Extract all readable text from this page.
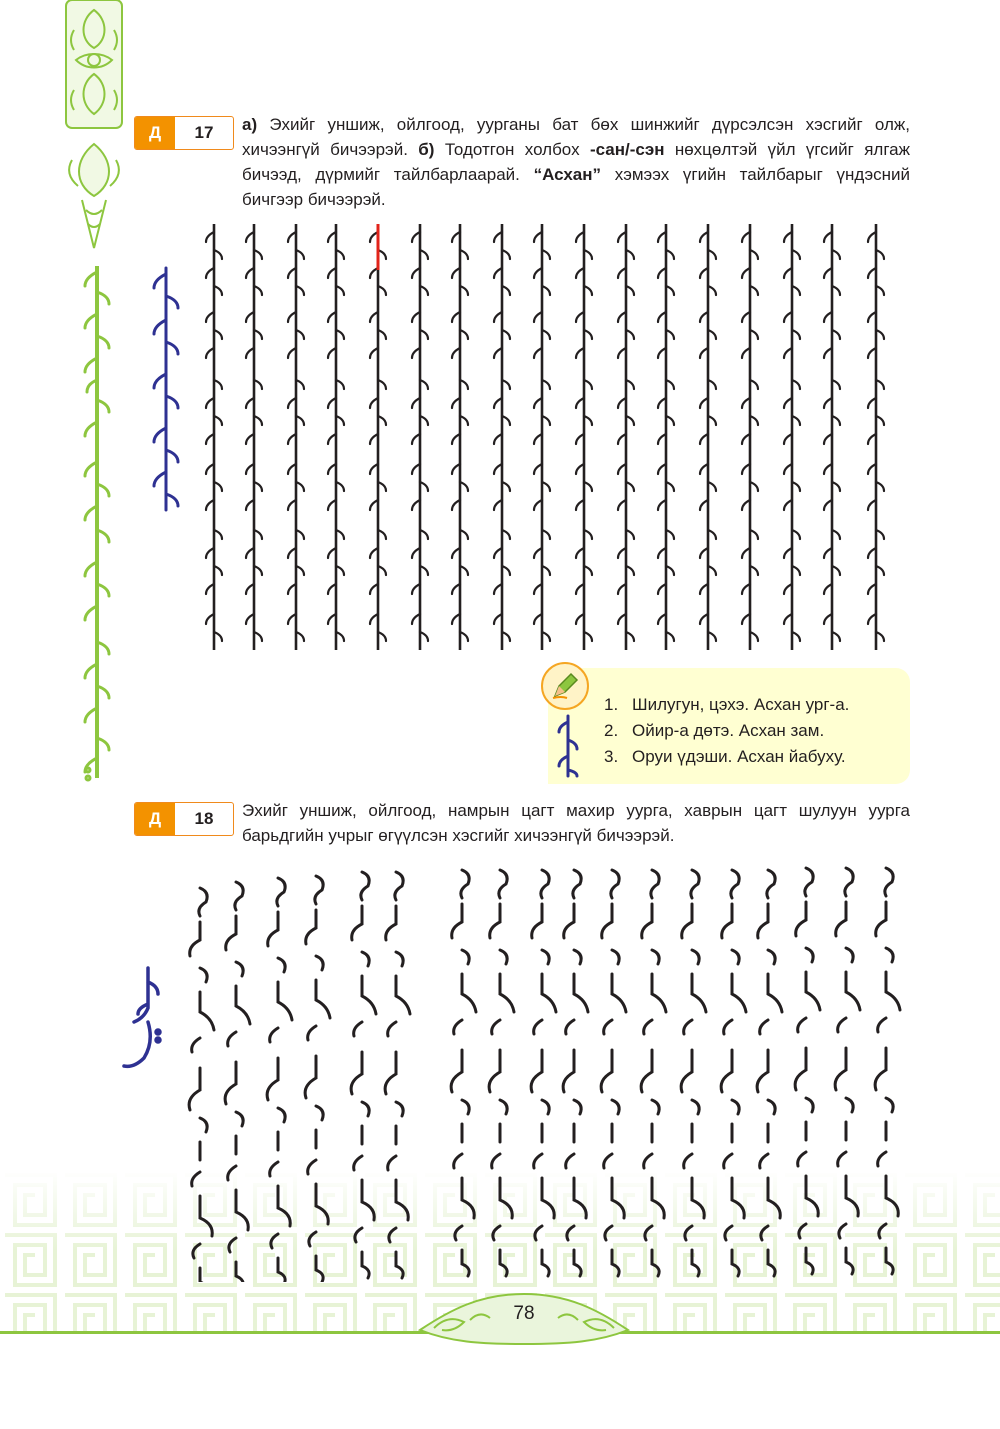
Д	17	а) Эхийг уншиж, ойлгоод, уурганы бат бөх шинжийг дүрсэлсэн хэсгийг олж, хичээнгүй бичээрэй. б) Тодотгон холбох -сан/-сэн нөхцөлтэй үйл үгсийг ялгаж бичээд, дүрмийг тайлбарлаарай. “Асхан” хэмээх үгийн тайлбарыг үндэсний бичгээр бичээрэй.

1. Шилугун, цэхэ. Асхан ург-а.
2. Ойир-а дөтэ. Асхан зам.
3. Оруи үдэши. Асхан йабуху.
Д	18	Эхийг уншиж, ойлгоод, намрын цагт махир уурга, хаврын цагт шулуун уурга барьдгийн учрыг өгүүлсэн хэсгийг хичээнгүй бичээрэй.

78
